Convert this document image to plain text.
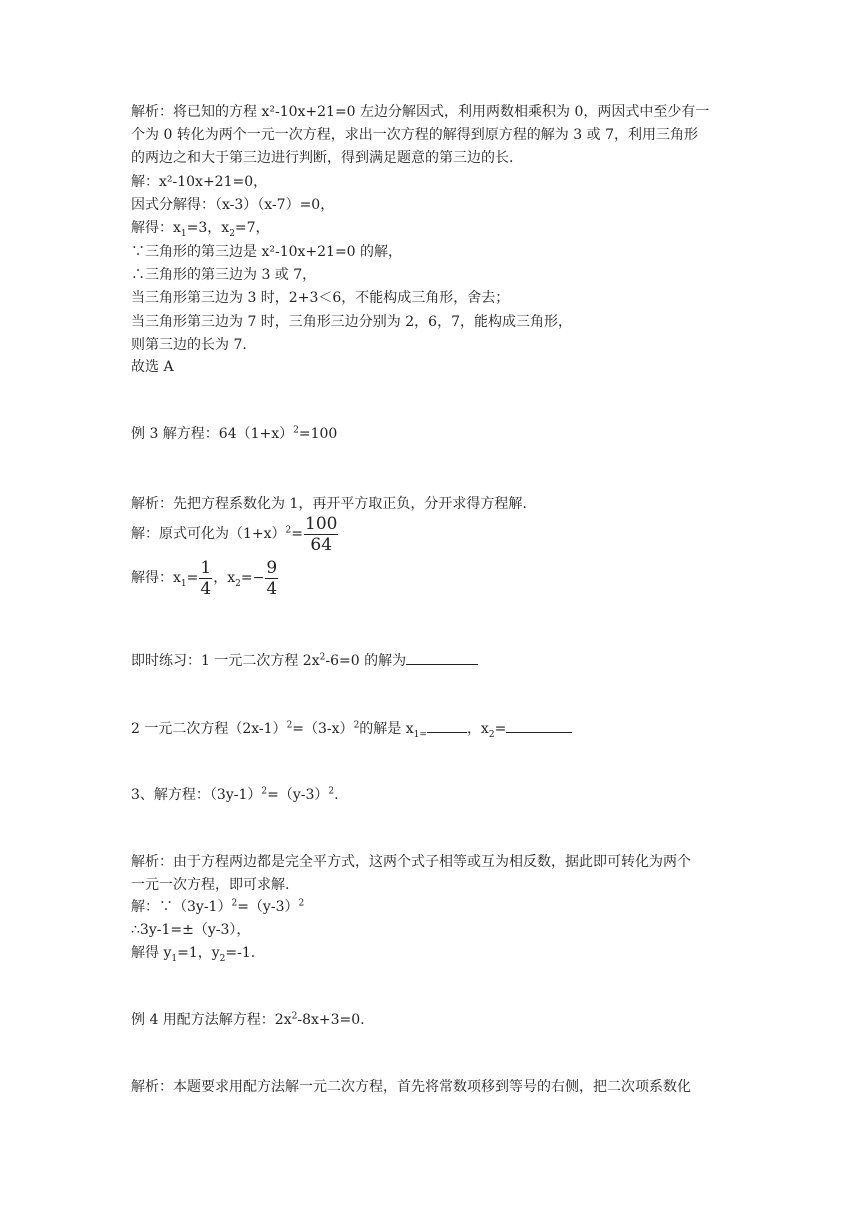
解析：将已知的方程 x²-10x+21=0 左边分解因式，利用两数相乘积为 0，两因式中至少有一
个为 0 转化为两个一元一次方程，求出一次方程的解得到原方程的解为 3 或 7，利用三角形
的两边之和大于第三边进行判断，得到满足题意的第三边的长.
解：x²-10x+21=0，
因式分解得：（x-3）（x-7）=0，
解得：$x_1=3$，$x_2=7$，
∵三角形的第三边是 x²-10x+21=0 的解，
∴三角形的第三边为 3 或 7，
当三角形第三边为 3 时，2+3＜6，不能构成三角形，舍去；
当三角形第三边为 7 时，三角形三边分别为 2，6，7，能构成三角形，
则第三边的长为 7.
故选 A
例 3 解方程：$64(1+x)^2=100$
解析：先把方程系数化为 1，再开平方取正负，分开求得方程解.
解：原式可化为$(1+x)^2= \frac{100}{64}$
解得：$x_1= \frac{1}{4}$ ，$x_2=- \frac{9}{4}$
即时练习：1 一元二次方程 $2x^2-6=0$ 的解为
2 一元二次方程$(2x-1)^2=(3-x)^2$的解是 $x_{1=}$	，$x_2=$
3、解方程：$(3y-1)^2=(y-3)^2$.
解析：由于方程两边都是完全平方式，这两个式子相等或互为相反数，据此即可转化为两个
一元一次方程，即可求解.
解：$\because(3y-1)^2=(y-3)^2$
∴3y-1=±（y-3），
解得 $y_1=1$，$y_2=-1$.
例 4 用配方法解方程：$2x^2-8x+3=0$.
解析：本题要求用配方法解一元二次方程，首先将常数项移到等号的右侧，把二次项系数化
